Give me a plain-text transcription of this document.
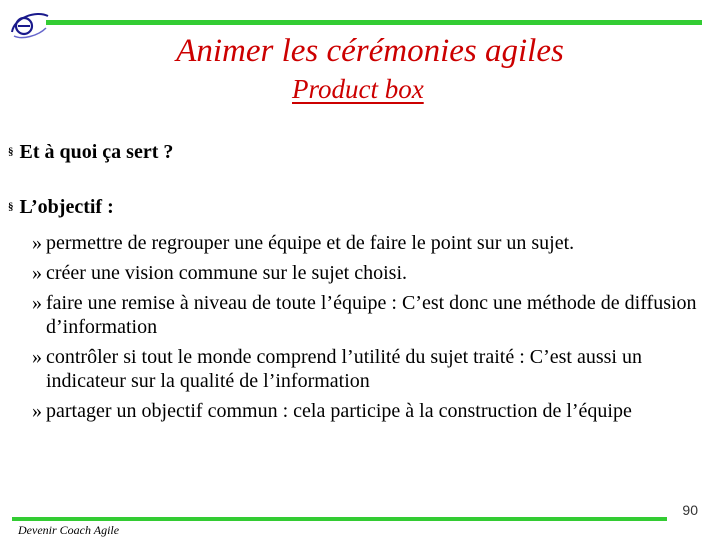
Animer les cérémonies agiles
Product box
§ Et à quoi ça sert ?
§ L’objectif :
» permettre de regrouper une équipe et de faire le point sur un sujet.
» créer une vision commune sur le sujet choisi.
» faire une remise à niveau de toute l’équipe : C’est donc une méthode de diffusion d’information
» contrôler si tout le monde comprend l’utilité du sujet traité : C’est aussi un indicateur sur la qualité de l’information
» partager un objectif commun : cela participe à la construction de l’équipe
90
Devenir Coach Agile
